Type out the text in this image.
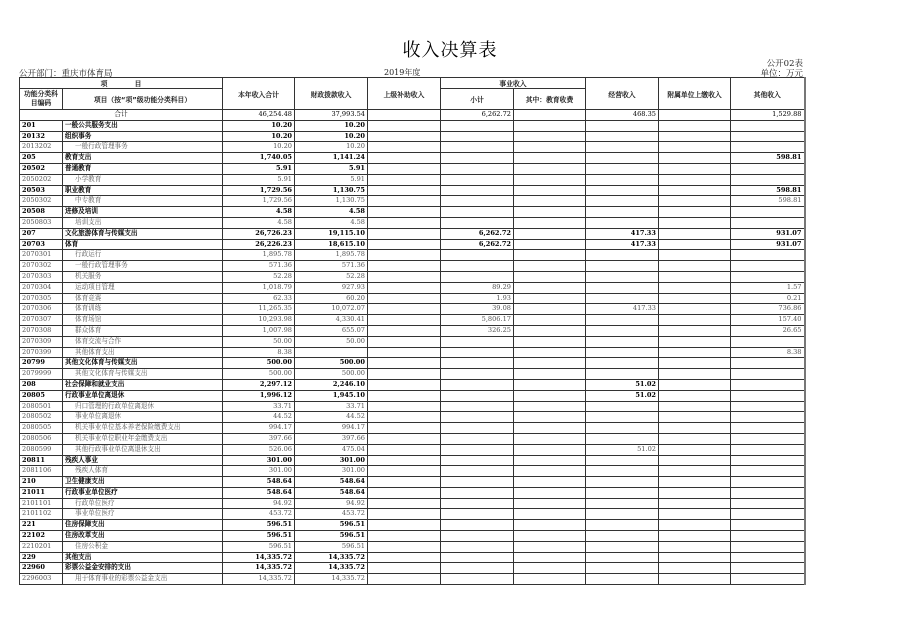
收入决算表
公开02表
公开部门：重庆市体育局	2019年度	单位：万元
项　　　　目		本年收入合计	财政拨款收入	上级补助收入	事业收入		经营收入	附属单位上缴收入	其他收入
功能分类科目编码	项目（按“项”级功能分类科目）								
					小计	其中：教育收费			
合计		46,254.48	37,993.54		6,262.72		468.35		1,529.88
201	一般公共服务支出	10.20	10.20						
20132	组织事务	10.20	10.20						
2013202	一般行政管理事务	10.20	10.20						
205	教育支出	1,740.05	1,141.24						598.81
20502	普通教育	5.91	5.91						
2050202	小学教育	5.91	5.91						
20503	职业教育	1,729.56	1,130.75						598.81
2050302	中专教育	1,729.56	1,130.75						598.81
20508	进修及培训	4.58	4.58						
2050803	培训支出	4.58	4.58						
207	文化旅游体育与传媒支出	26,726.23	19,115.10		6,262.72		417.33		931.07
20703	体育	26,226.23	18,615.10		6,262.72		417.33		931.07
2070301	行政运行	1,895.78	1,895.78						
2070302	一般行政管理事务	571.36	571.36						
2070303	机关服务	52.28	52.28						
2070304	运动项目管理	1,018.79	927.93		89.29				1.57
2070305	体育竞赛	62.33	60.20		1.93				0.21
2070306	体育训练	11,265.35	10,072.07		39.08		417.33		736.86
2070307	体育场馆	10,293.98	4,330.41		5,806.17				157.40
2070308	群众体育	1,007.98	655.07		326.25				26.65
2070309	体育交流与合作	50.00	50.00						
2070399	其他体育支出	8.38							8.38
20799	其他文化体育与传媒支出	500.00	500.00						
2079999	其他文化体育与传媒支出	500.00	500.00						
208	社会保障和就业支出	2,297.12	2,246.10				51.02		
20805	行政事业单位离退休	1,996.12	1,945.10				51.02		
2080501	归口管理的行政单位离退休	33.71	33.71						
2080502	事业单位离退休	44.52	44.52						
2080505	机关事业单位基本养老保险缴费支出	994.17	994.17						
2080506	机关事业单位职业年金缴费支出	397.66	397.66						
2080599	其他行政事业单位离退休支出	526.06	475.04				51.02		
20811	残疾人事业	301.00	301.00						
2081106	残疾人体育	301.00	301.00						
210	卫生健康支出	548.64	548.64						
21011	行政事业单位医疗	548.64	548.64						
2101101	行政单位医疗	94.92	94.92						
2101102	事业单位医疗	453.72	453.72						
221	住房保障支出	596.51	596.51						
22102	住房改革支出	596.51	596.51						
2210201	住房公积金	596.51	596.51						
229	其他支出	14,335.72	14,335.72						
22960	彩票公益金安排的支出	14,335.72	14,335.72						
2296003	用于体育事业的彩票公益金支出	14,335.72	14,335.72						
